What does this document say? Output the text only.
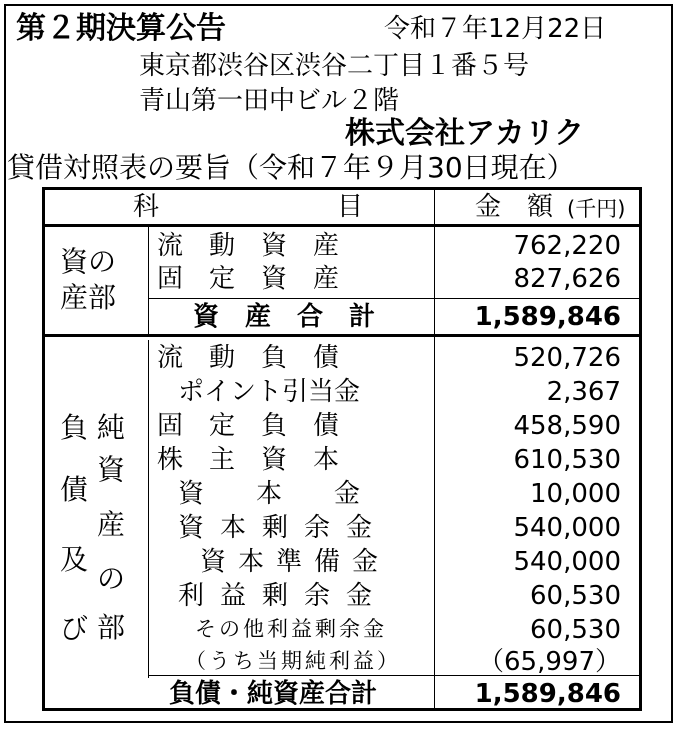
第２期決算公告	令和７年12月22日
東京都渋谷区渋谷二丁目１番５号
青山第一田中ビル２階
株式会社アカリク
貸借対照表の要旨（令和７年９月30日現在）
科	目	金　額 (千円)
資の
産部
流　動　資　産	762,220
固　定　資　産	827,626
資　産　合　計	1,589,846
負
債
及
び
純
資
産
の
部
流　動　負　債	520,726
ポイント引当金	2,367
固　定　負　債	458,590
株　主　資　本	610,530
資　　本　　金	10,000
資本剰余金	540,000
資本準備金	540,000
利益剰余金	60,530
その他利益剰余金	60,530
（うち当期純利益）	（65,997）
負債・純資産合計	1,589,846
